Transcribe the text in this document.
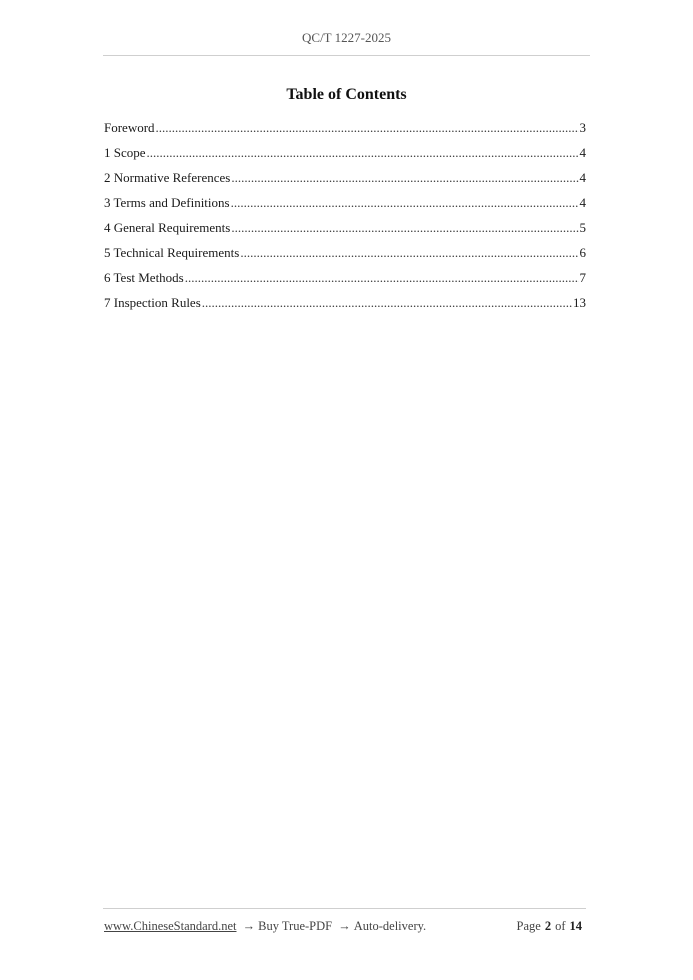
QC/T 1227-2025
Table of Contents
Foreword .....	3
1 Scope .....	4
2 Normative References .....	4
3 Terms and Definitions .....	4
4 General Requirements .....	5
5 Technical Requirements .....	6
6 Test Methods .....	7
7 Inspection Rules .....	13
www.ChineseStandard.net → Buy True-PDF → Auto-delivery.	Page 2 of 14
